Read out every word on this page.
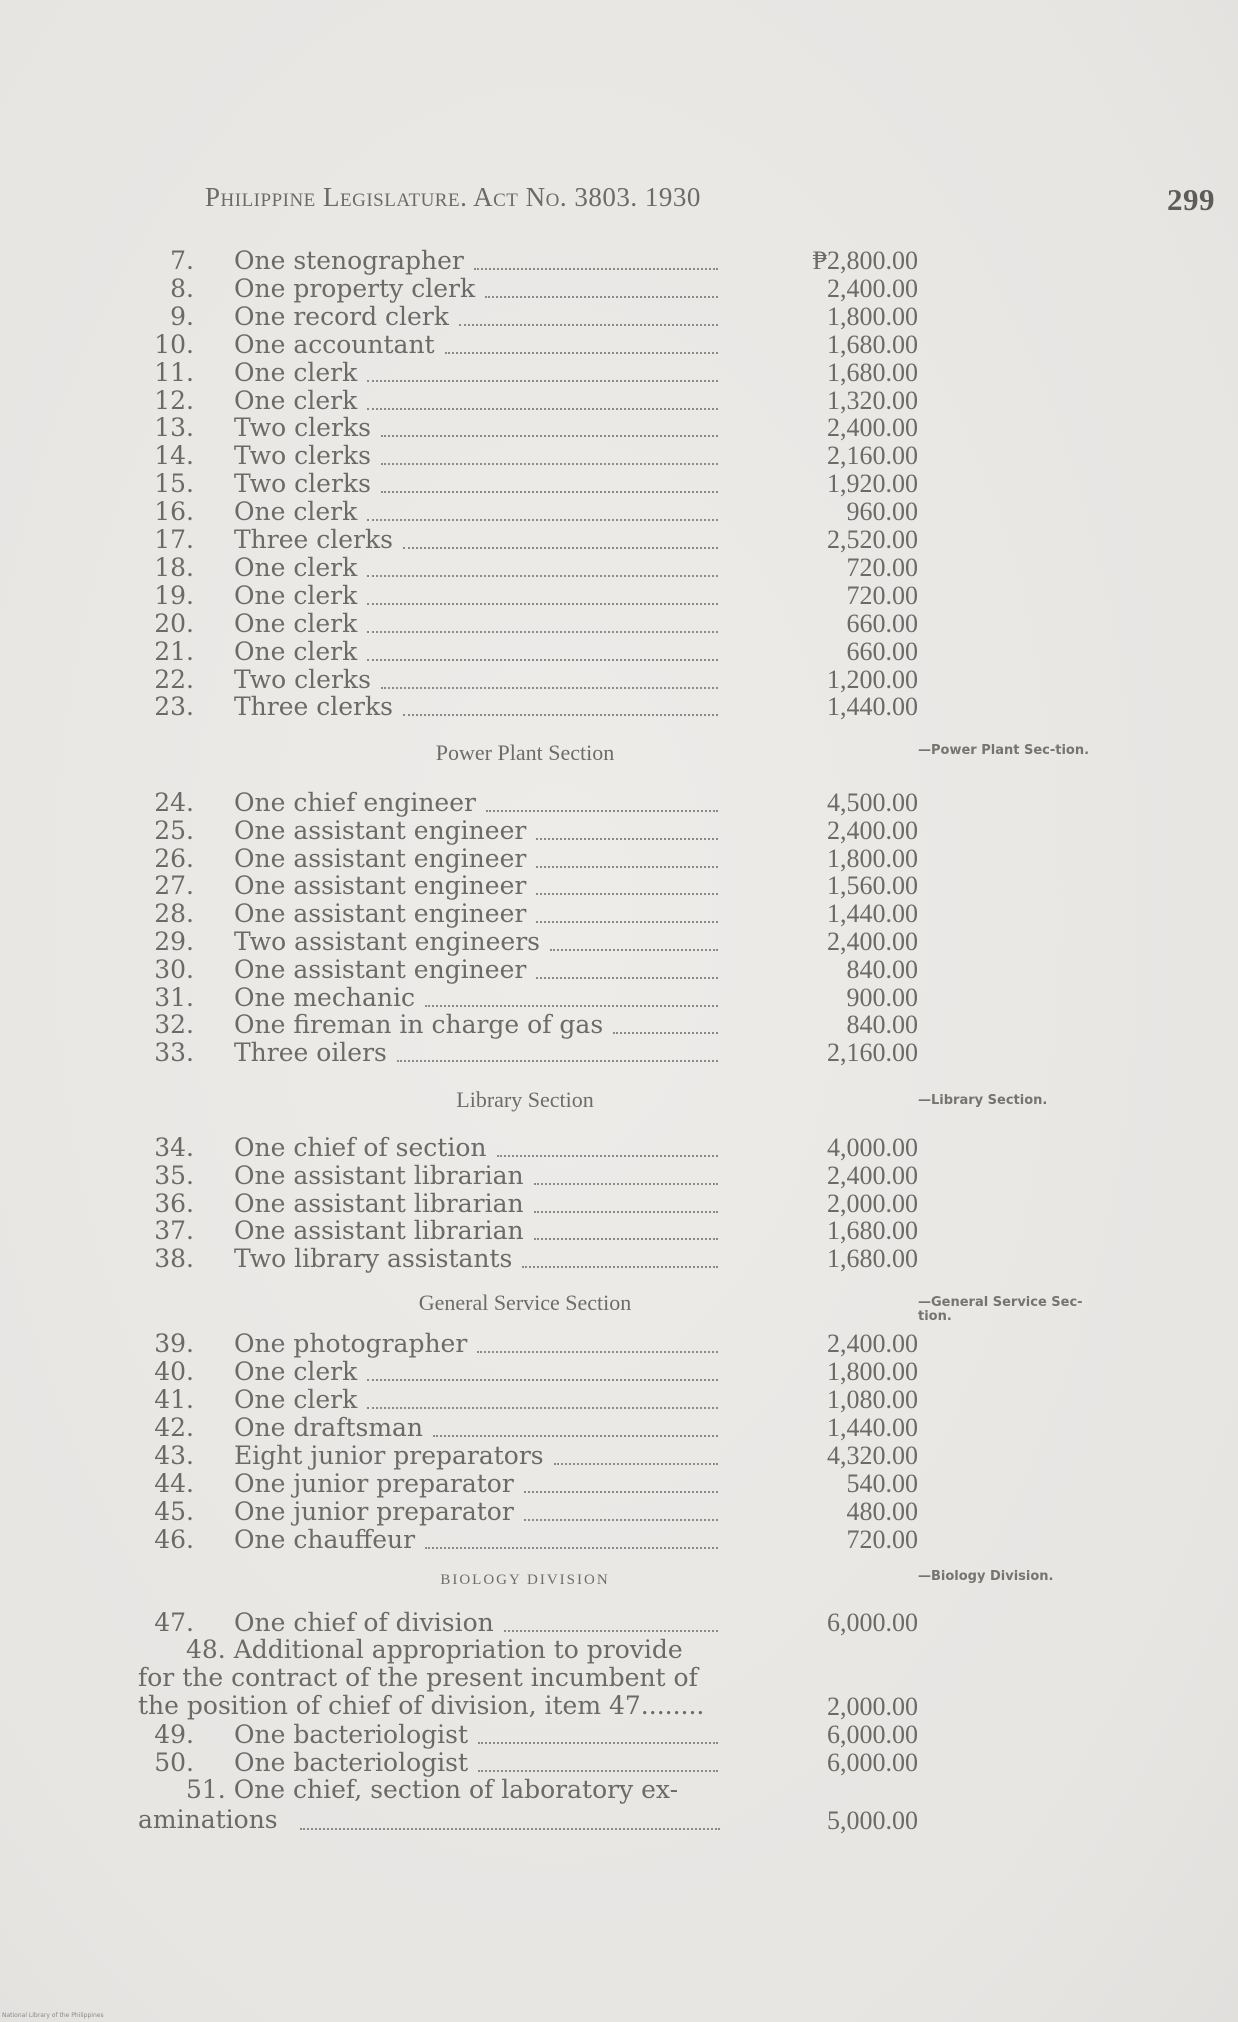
Philippine Legislature. Act No. 3803. 1930	299
7. One stenographer	₱2,800.00
8. One property clerk	2,400.00
9. One record clerk	1,800.00
10. One accountant	1,680.00
11. One clerk	1,680.00
12. One clerk	1,320.00
13. Two clerks	2,400.00
14. Two clerks	2,160.00
15. Two clerks	1,920.00
16. One clerk	960.00
17. Three clerks	2,520.00
18. One clerk	720.00
19. One clerk	720.00
20. One clerk	660.00
21. One clerk	660.00
22. Two clerks	1,200.00
23. Three clerks	1,440.00
24. One chief engineer	4,500.00
25. One assistant engineer	2,400.00
26. One assistant engineer	1,800.00
27. One assistant engineer	1,560.00
28. One assistant engineer	1,440.00
29. Two assistant engineers	2,400.00
30. One assistant engineer	840.00
31. One mechanic	900.00
32. One fireman in charge of gas	840.00
33. Three oilers	2,160.00
34. One chief of section	4,000.00
35. One assistant librarian	2,400.00
36. One assistant librarian	2,000.00
37. One assistant librarian	1,680.00
38. Two library assistants	1,680.00
39. One photographer	2,400.00
40. One clerk	1,800.00
41. One clerk	1,080.00
42. One draftsman	1,440.00
43. Eight junior preparators	4,320.00
44. One junior preparator	540.00
45. One junior preparator	480.00
46. One chauffeur	720.00
47. One chief of division	6,000.00
49. One bacteriologist	6,000.00
50. One bacteriologist	6,000.00
Power Plant Section	—Power Plant Sec-tion.
Library Section	—Library Section.
General Service Section	—General Service Sec-tion.
BIOLOGY DIVISION	—Biology Division.
48. Additional appropriation to provide
for the contract of the present incumbent of
the position of chief of division, item 47........	2,000.00
51. One chief, section of laboratory ex-
aminations	5,000.00
National Library of the Philippines
